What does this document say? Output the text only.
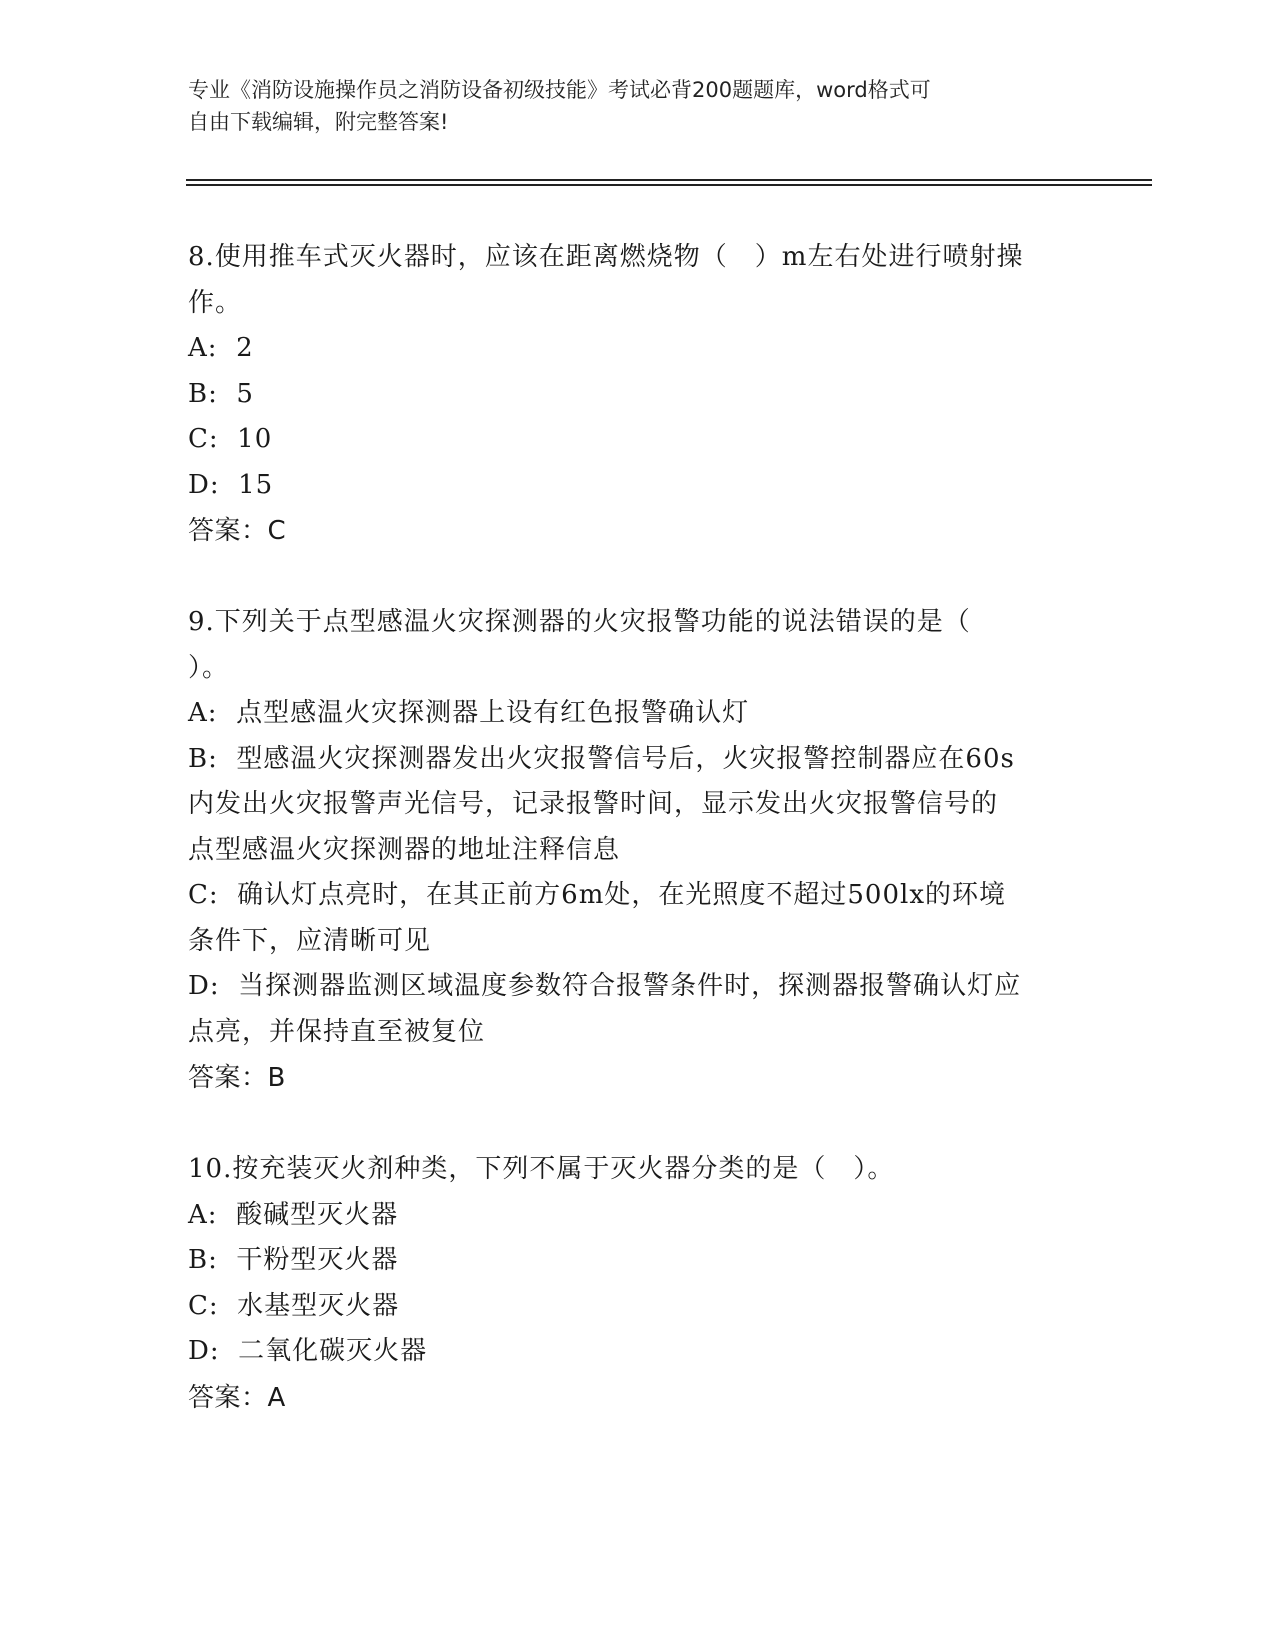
专业《消防设施操作员之消防设备初级技能》考试必背200题题库，word格式可
自由下载编辑，附完整答案!
8.使用推车式灭火器时，应该在距离燃烧物（　）m左右处进行喷射操
作。
A:  2
B:  5
C:  10
D:  15
答案：C
9.下列关于点型感温火灾探测器的火灾报警功能的说法错误的是（
）。
A:  点型感温火灾探测器上设有红色报警确认灯
B:  型感温火灾探测器发出火灾报警信号后，火灾报警控制器应在60s
内发出火灾报警声光信号，记录报警时间，显示发出火灾报警信号的
点型感温火灾探测器的地址注释信息
C:  确认灯点亮时，在其正前方6m处，在光照度不超过500lx的环境
条件下，应清晰可见
D:  当探测器监测区域温度参数符合报警条件时，探测器报警确认灯应
点亮，并保持直至被复位
答案：B
10.按充装灭火剂种类，下列不属于灭火器分类的是（　）。
A:  酸碱型灭火器
B:  干粉型灭火器
C:  水基型灭火器
D:  二氧化碳灭火器
答案：A
